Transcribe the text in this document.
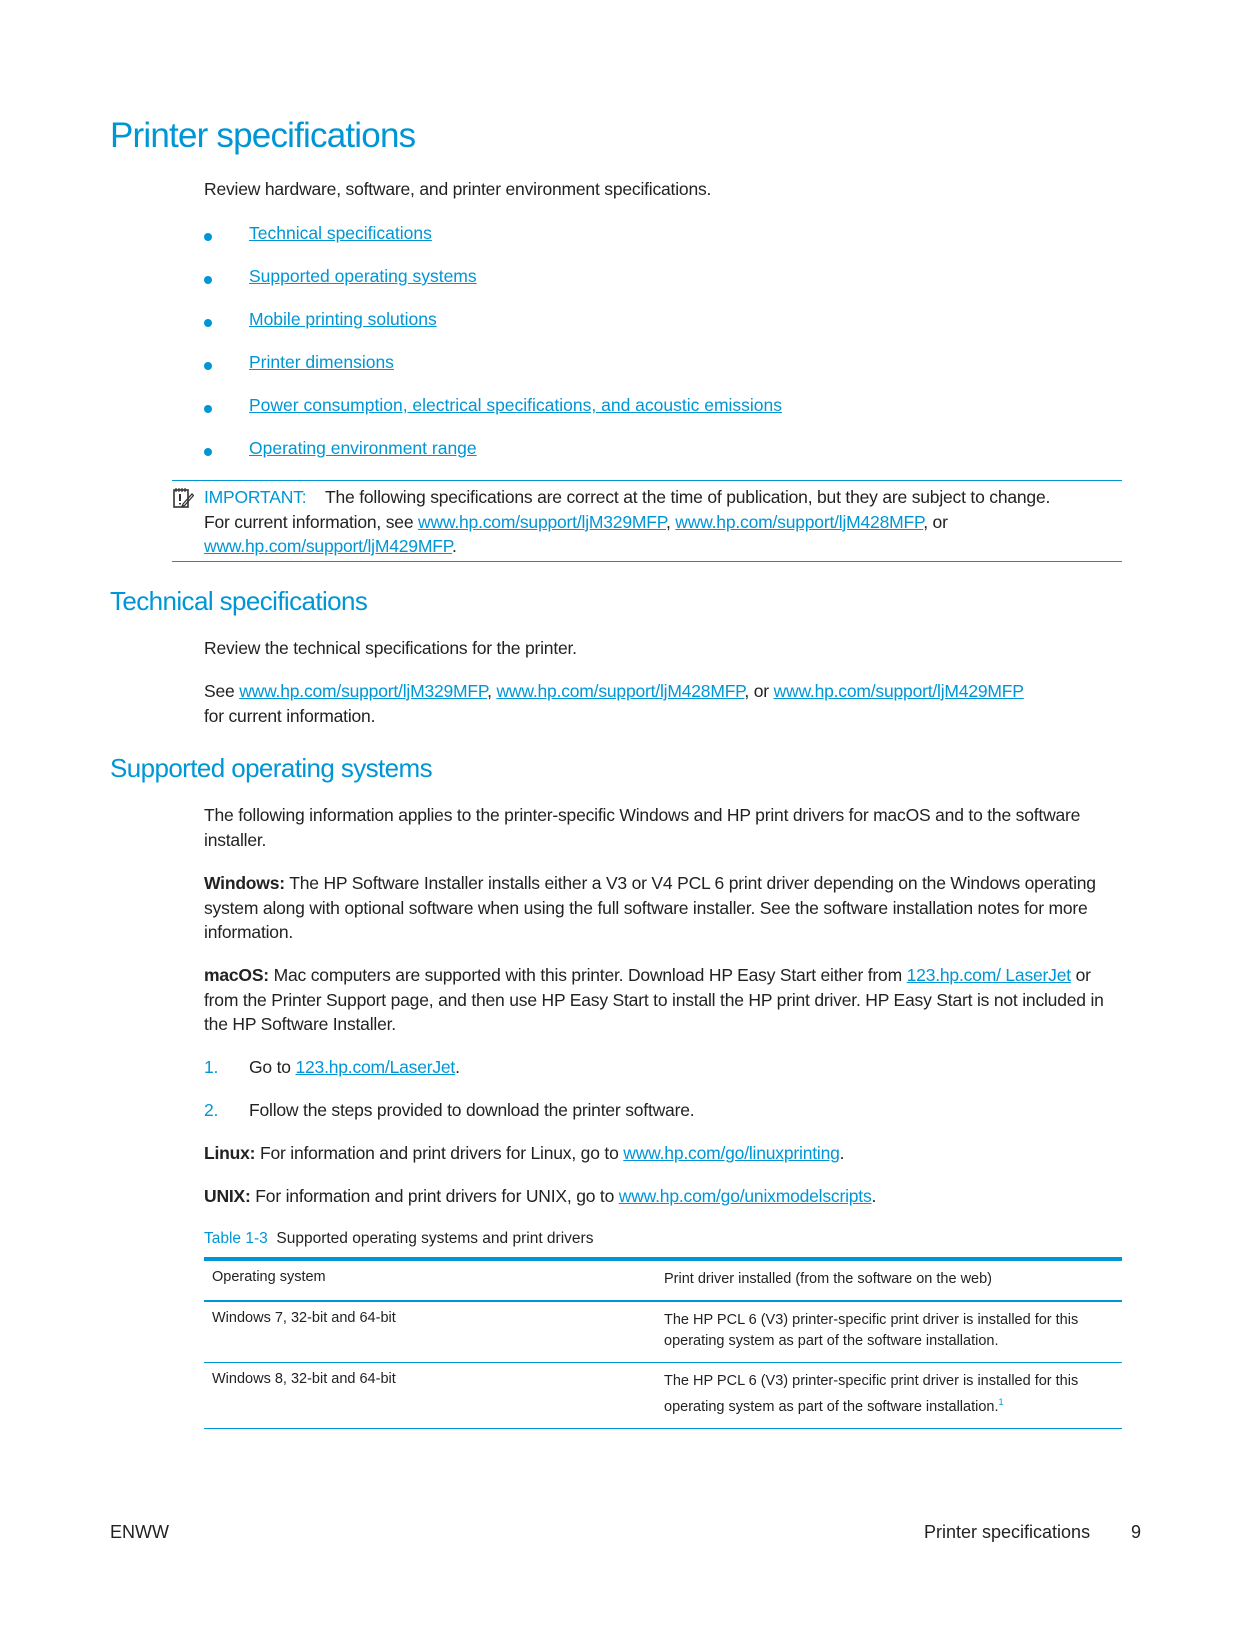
Printer specifications
Review hardware, software, and printer environment specifications.
Technical specifications
Supported operating systems
Mobile printing solutions
Printer dimensions
Power consumption, electrical specifications, and acoustic emissions
Operating environment range
IMPORTANT: The following specifications are correct at the time of publication, but they are subject to change.
For current information, see www.hp.com/support/ljM329MFP, www.hp.com/support/ljM428MFP, or
www.hp.com/support/ljM429MFP.
Technical specifications
Review the technical specifications for the printer.
See www.hp.com/support/ljM329MFP, www.hp.com/support/ljM428MFP, or www.hp.com/support/ljM429MFP
for current information.
Supported operating systems
The following information applies to the printer-specific Windows and HP print drivers for macOS and to the software installer.
Windows: The HP Software Installer installs either a V3 or V4 PCL 6 print driver depending on the Windows operating system along with optional software when using the full software installer. See the software installation notes for more information.
macOS: Mac computers are supported with this printer. Download HP Easy Start either from 123.hp.com/ LaserJet or from the Printer Support page, and then use HP Easy Start to install the HP print driver. HP Easy Start is not included in the HP Software Installer.
1. Go to 123.hp.com/LaserJet.
2. Follow the steps provided to download the printer software.
Linux: For information and print drivers for Linux, go to www.hp.com/go/linuxprinting.
UNIX: For information and print drivers for UNIX, go to www.hp.com/go/unixmodelscripts.
Table 1-3 Supported operating systems and print drivers
Operating system	Print driver installed (from the software on the web)
Windows 7, 32-bit and 64-bit	The HP PCL 6 (V3) printer-specific print driver is installed for this operating system as part of the software installation.
Windows 8, 32-bit and 64-bit	The HP PCL 6 (V3) printer-specific print driver is installed for this operating system as part of the software installation.$^1$
ENWW	Printer specifications 9
